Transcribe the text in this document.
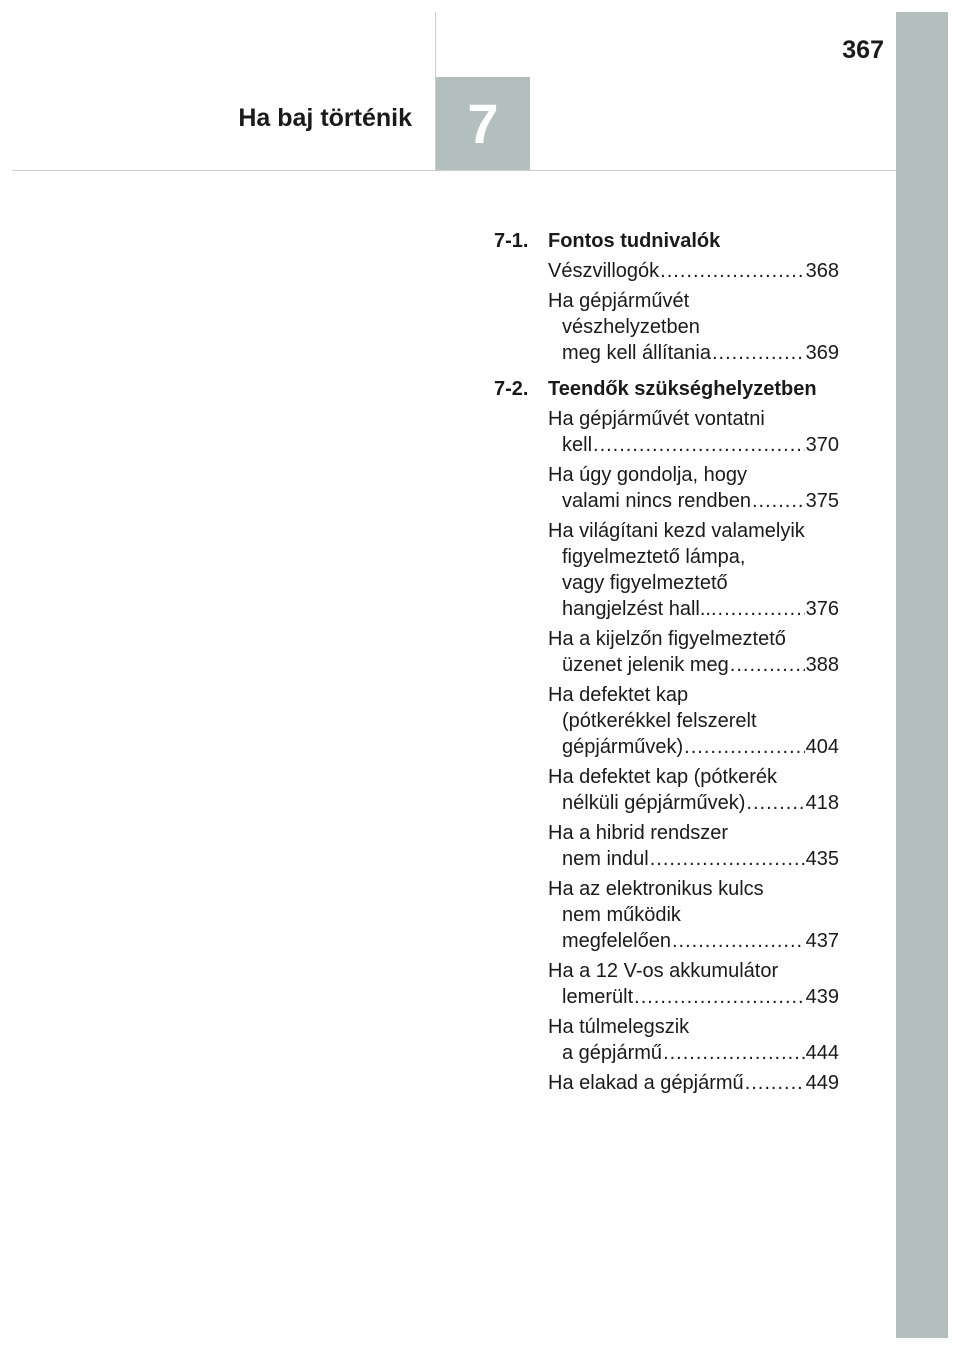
367
7
Ha baj történik
7-1. Fontos tudnivalók
Vészvillogók .....	368
Ha gépjárművét
vészhelyzetben
meg kell állítania .....	369
7-2. Teendők szükséghelyzetben
Ha gépjárművét vontatni
kell .....	370
Ha úgy gondolja, hogy
valami nincs rendben .....	375
Ha világítani kezd valamelyik
figyelmeztető lámpa,
vagy figyelmeztető
hangjelzést hall... .....	376
Ha a kijelzőn figyelmeztető
üzenet jelenik meg .....	388
Ha defektet kap
(pótkerékkel felszerelt
gépjárművek) .....	404
Ha defektet kap (pótkerék
nélküli gépjárművek) .....	418
Ha a hibrid rendszer
nem indul .....	435
Ha az elektronikus kulcs
nem működik
megfelelően .....	437
Ha a 12 V-os akkumulátor
lemerült .....	439
Ha túlmelegszik
a gépjármű .....	444
Ha elakad a gépjármű .....	449
